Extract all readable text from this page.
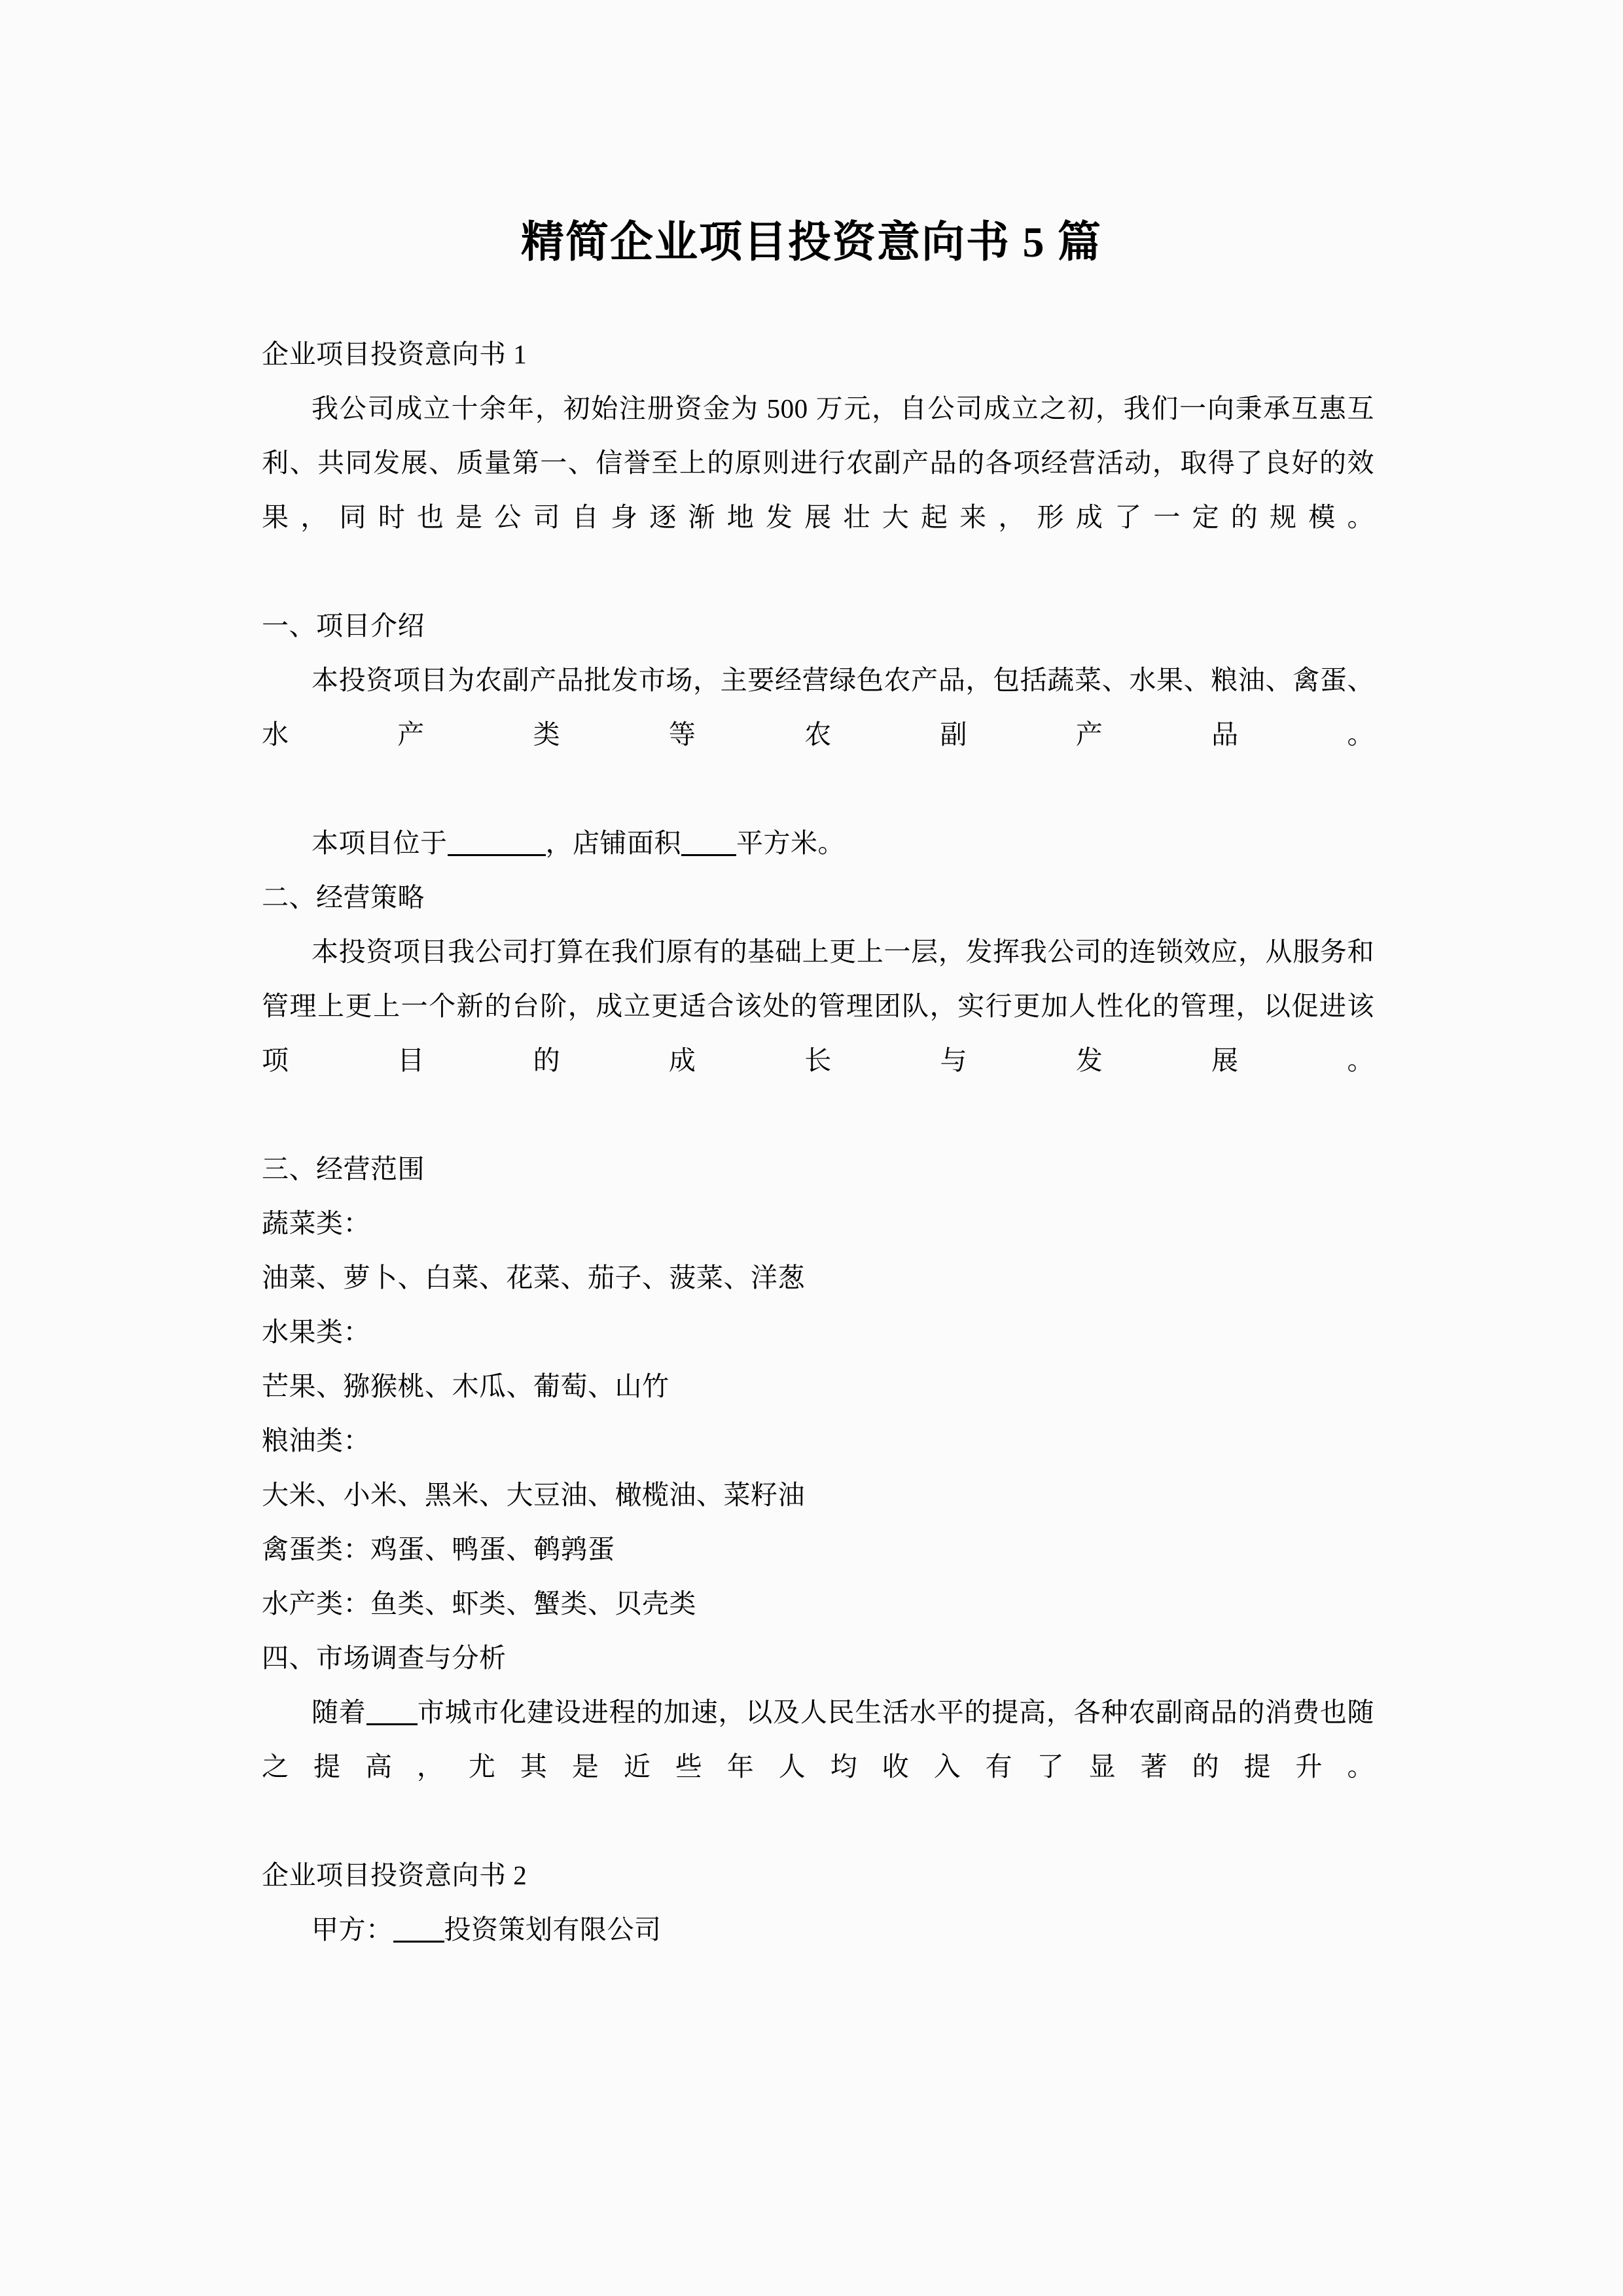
精简企业项目投资意向书 5 篇

企业项目投资意向书 1

我公司成立十余年，初始注册资金为 500 万元，自公司成立之初，我们一向秉承互惠互利、共同发展、质量第一、信誉至上的原则进行农副产品的各项经营活动，取得了良好的效果，同时也是公司自身逐渐地发展壮大起来，形成了一定的规模。

一、项目介绍

本投资项目为农副产品批发市场，主要经营绿色农产品，包括蔬菜、水果、粮油、禽蛋、水产类等农副产品。

本项目位于	，店铺面积 平方米。

二、经营策略

本投资项目我公司打算在我们原有的基础上更上一层，发挥我公司的连锁效应，从服务和管理上更上一个新的台阶，成立更适合该处的管理团队，实行更加人性化的管理，以促进该项目的成长与发展。

三、经营范围

蔬菜类：

油菜、萝卜、白菜、花菜、茄子、菠菜、洋葱

水果类：

芒果、猕猴桃、木瓜、葡萄、山竹

粮油类：

大米、小米、黑米、大豆油、橄榄油、菜籽油

禽蛋类：鸡蛋、鸭蛋、鹌鹑蛋

水产类：鱼类、虾类、蟹类、贝壳类

四、市场调查与分析

随着 市城市化建设进程的加速，以及人民生活水平的提高，各种农副商品的消费也随之提高，尤其是近些年人均收入有了显著的提升。

企业项目投资意向书 2

甲方： 投资策划有限公司
